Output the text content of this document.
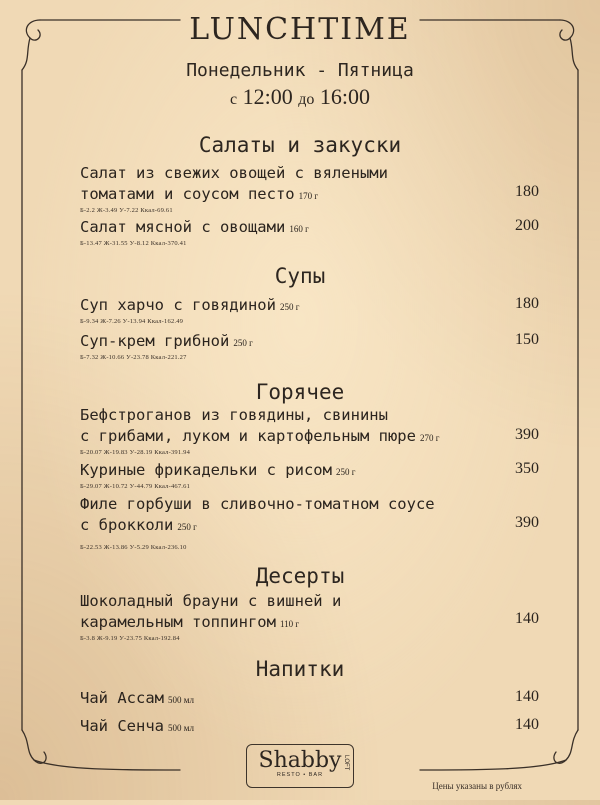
LUNCHTIME
Понедельник - Пятница
с 12:00 до 16:00
Салаты и закуски
Салат из свежих овощей с вялеными
томатами и соусом песто 170 г
Б-2.2 Ж-3.49 У-7.22 Ккал-69.61
180
Салат мясной с овощами 160 г
Б-13.47 Ж-31.55 У-8.12 Ккал-370.41
200
Супы
Суп харчо с говядиной 250 г
Б-9.34 Ж-7.26 У-13.94 Ккал-162.49
180
Суп-крем грибной 250 г
Б-7.32 Ж-10.66 У-23.78 Ккал-221.27
150
Горячее
Бефстроганов из говядины, свинины
с грибами, луком и картофельным пюре 270 г
Б-20.07 Ж-19.83 У-28.19 Ккал-391.94
390
Куриные фрикадельки с рисом 250 г
Б-29.07 Ж-10.72 У-44.79 Ккал-467.61
350
Филе горбуши в сливочно-томатном соусе
с брокколи 250 г
Б-22.53 Ж-13.86 У-5.29 Ккал-236.10
390
Десерты
Шоколадный брауни с вишней и
карамельным топпингом 110 г
Б-3.8 Ж-9.19 У-23.75 Ккал-192.84
140
Напитки
Чай Ассам 500 мл	140
Чай Сенча 500 мл	140
Shabby LOFT
RESTO • BAR
Цены указаны в рублях
